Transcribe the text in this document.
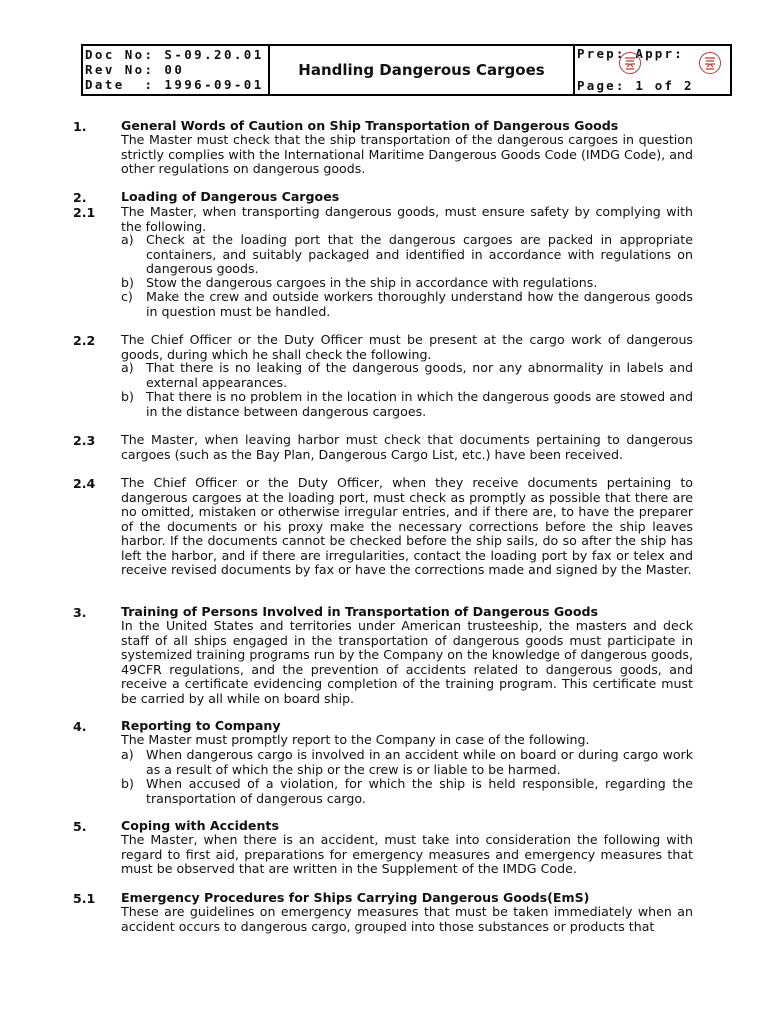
Doc No: S-09.20.01
Rev No: 00
Date  : 1996-09-01
Handling Dangerous Cargoes
Prep: Appr:
Page: 1 of 2
1.	General Words of Caution on Ship Transportation of Dangerous Goods
The Master must check that the ship transportation of the dangerous cargoes in question strictly complies with the International Maritime Dangerous Goods Code (IMDG Code), and other regulations on dangerous goods.
2.	Loading of Dangerous Cargoes
2.1 The Master, when transporting dangerous goods, must ensure safety by complying with the following.
a) Check at the loading port that the dangerous cargoes are packed in appropriate containers, and suitably packaged and identified in accordance with regulations on dangerous goods.
b) Stow the dangerous cargoes in the ship in accordance with regulations.
c) Make the crew and outside workers thoroughly understand how the dangerous goods in question must be handled.
2.2 The Chief Officer or the Duty Officer must be present at the cargo work of dangerous goods, during which he shall check the following.
a) That there is no leaking of the dangerous goods, nor any abnormality in labels and external appearances.
b) That there is no problem in the location in which the dangerous goods are stowed and in the distance between dangerous cargoes.
2.3 The Master, when leaving harbor must check that documents pertaining to dangerous cargoes (such as the Bay Plan, Dangerous Cargo List, etc.) have been received.
2.4 The Chief Officer or the Duty Officer, when they receive documents pertaining to dangerous cargoes at the loading port, must check as promptly as possible that there are no omitted, mistaken or otherwise irregular entries, and if there are, to have the preparer of the documents or his proxy make the necessary corrections before the ship leaves harbor. If the documents cannot be checked before the ship sails, do so after the ship has left the harbor, and if there are irregularities, contact the loading port by fax or telex and receive revised documents by fax or have the corrections made and signed by the Master.
3.	Training of Persons Involved in Transportation of Dangerous Goods
In the United States and territories under American trusteeship, the masters and deck staff of all ships engaged in the transportation of dangerous goods must participate in systemized training programs run by the Company on the knowledge of dangerous goods, 49CFR regulations, and the prevention of accidents related to dangerous goods, and receive a certificate evidencing completion of the training program. This certificate must be carried by all while on board ship.
4.	Reporting to Company
The Master must promptly report to the Company in case of the following.
a) When dangerous cargo is involved in an accident while on board or during cargo work as a result of which the ship or the crew is or liable to be harmed.
b) When accused of a violation, for which the ship is held responsible, regarding the transportation of dangerous cargo.
5.	Coping with Accidents
The Master, when there is an accident, must take into consideration the following with regard to first aid, preparations for emergency measures and emergency measures that must be observed that are written in the Supplement of the IMDG Code.
5.1 Emergency Procedures for Ships Carrying Dangerous Goods(EmS)
These are guidelines on emergency measures that must be taken immediately when an accident occurs to dangerous cargo, grouped into those substances or products that
